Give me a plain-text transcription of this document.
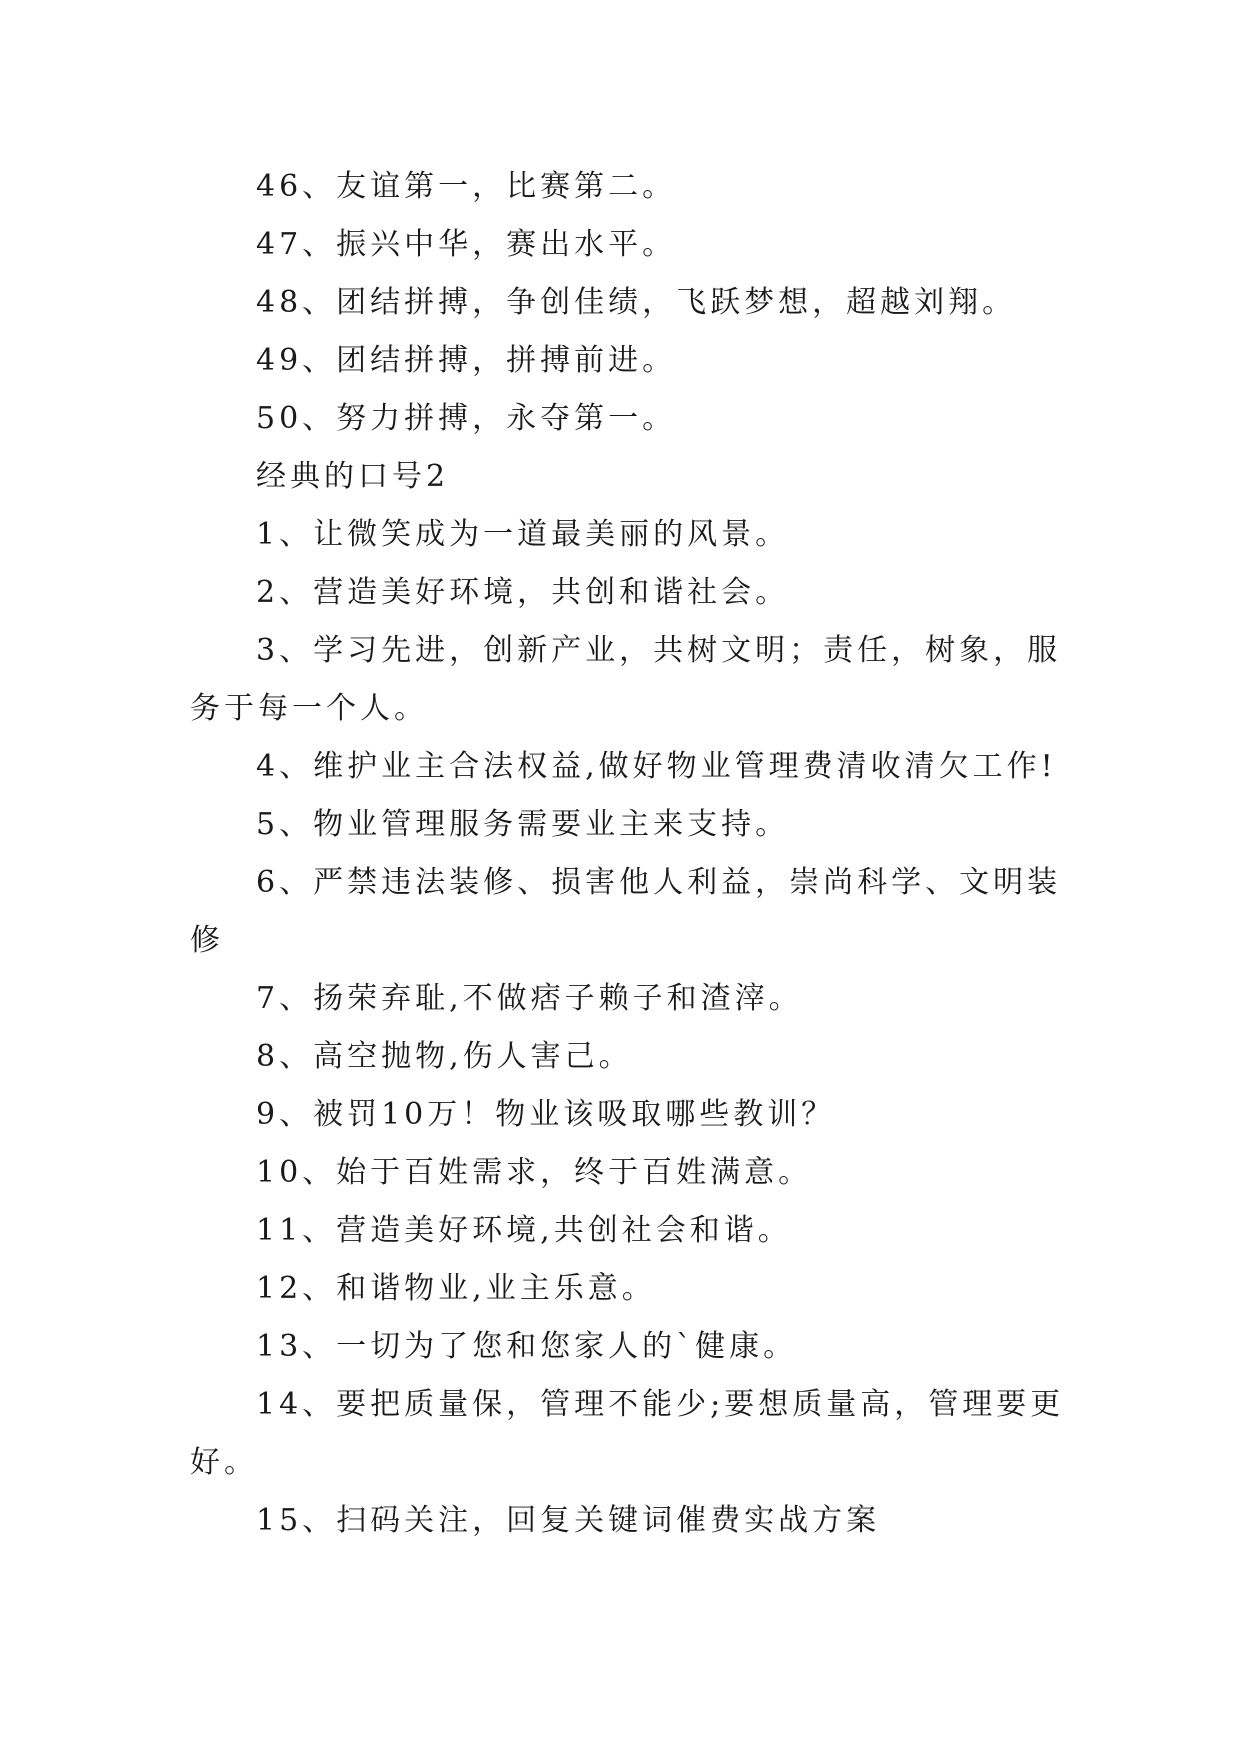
46、友谊第一，比赛第二。

47、振兴中华，赛出水平。

48、团结拼搏，争创佳绩，飞跃梦想，超越刘翔。

49、团结拼搏，拼搏前进。

50、努力拼搏，永夺第一。

经典的口号2

1、让微笑成为一道最美丽的风景。

2、营造美好环境，共创和谐社会。

3、学习先进，创新产业，共树文明；责任，树象，服

务于每一个人。

4、维护业主合法权益,做好物业管理费清收清欠工作!

5、物业管理服务需要业主来支持。

6、严禁违法装修、损害他人利益，崇尚科学、文明装

修

7、扬荣弃耻,不做痞子赖子和渣滓。

8、高空抛物,伤人害己。

9、被罚10万！物业该吸取哪些教训？

10、始于百姓需求，终于百姓满意。

11、营造美好环境,共创社会和谐。

12、和谐物业,业主乐意。

13、一切为了您和您家人的`健康。

14、要把质量保，管理不能少;要想质量高，管理要更

好。

15、扫码关注，回复关键词催费实战方案
